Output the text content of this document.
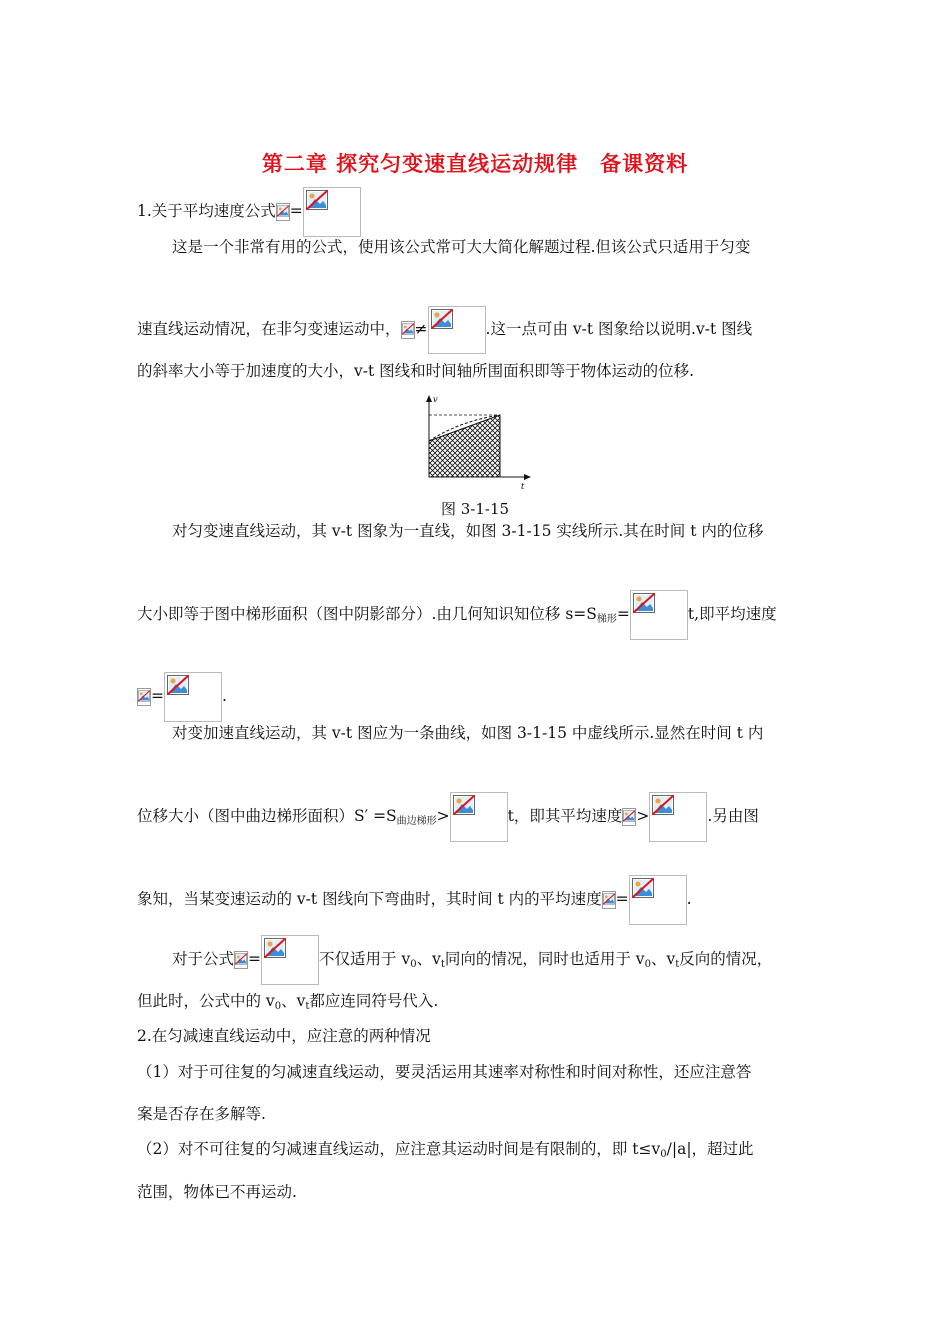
第二章 探究匀变速直线运动规律　备课资料
1.关于平均速度公式 =
这是一个非常有用的公式，使用该公式常可大大简化解题过程.但该公式只适用于匀变
速直线运动情况，在非匀变速运动中， ≠	.这一点可由 v-t 图象给以说明.v-t 图线
的斜率大小等于加速度的大小，v-t 图线和时间轴所围面积即等于物体运动的位移.
v
t
图 3-1-15
对匀变速直线运动，其 v-t 图象为一直线，如图 3-1-15 实线所示.其在时间 t 内的位移
大小即等于图中梯形面积（图中阴影部分）.由几何知识知位移 $s=S_{梯形}=$	t,即平均速度
=	.
对变加速直线运动，其 v-t 图应为一条曲线，如图 3-1-15 中虚线所示.显然在时间 t 内
位移大小（图中曲边梯形面积）$S' =S_{曲边梯形}>$	t，即其平均速度 >	.另由图
象知，当某变速运动的 v-t 图线向下弯曲时，其时间 t 内的平均速度 =	.
对于公式 =	不仅适用于 $v_0$、$v_t$同向的情况，同时也适用于 $v_0$、$v_t$反向的情况，
但此时，公式中的 $v_0$、$v_t$都应连同符号代入.
2.在匀减速直线运动中，应注意的两种情况
（1）对于可往复的匀减速直线运动，要灵活运用其速率对称性和时间对称性，还应注意答
案是否存在多解等.
（2）对不可往复的匀减速直线运动，应注意其运动时间是有限制的，即 $t\le v_0/|a|$，超过此
范围，物体已不再运动.
